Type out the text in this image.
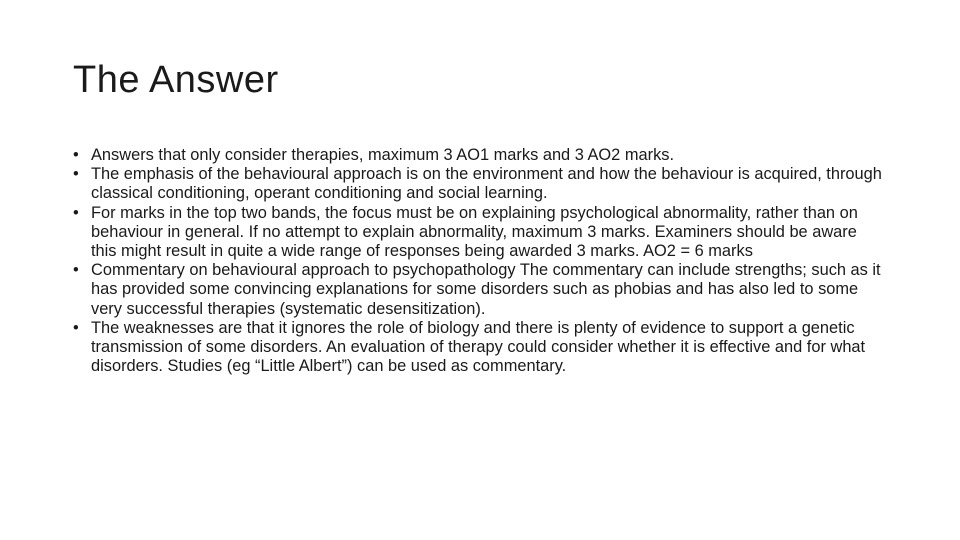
The Answer
• Answers that only consider therapies, maximum 3 AO1 marks and 3 AO2 marks.
• The emphasis of the behavioural approach is on the environment and how the behaviour is acquired, through classical conditioning, operant conditioning and social learning.
• For marks in the top two bands, the focus must be on explaining psychological abnormality, rather than on behaviour in general. If no attempt to explain abnormality, maximum 3 marks. Examiners should be aware this might result in quite a wide range of responses being awarded 3 marks. AO2 = 6 marks
• Commentary on behavioural approach to psychopathology The commentary can include strengths; such as it has provided some convincing explanations for some disorders such as phobias and has also led to some very successful therapies (systematic desensitization).
• The weaknesses are that it ignores the role of biology and there is plenty of evidence to support a genetic transmission of some disorders. An evaluation of therapy could consider whether it is effective and for what disorders. Studies (eg “Little Albert”) can be used as commentary.
